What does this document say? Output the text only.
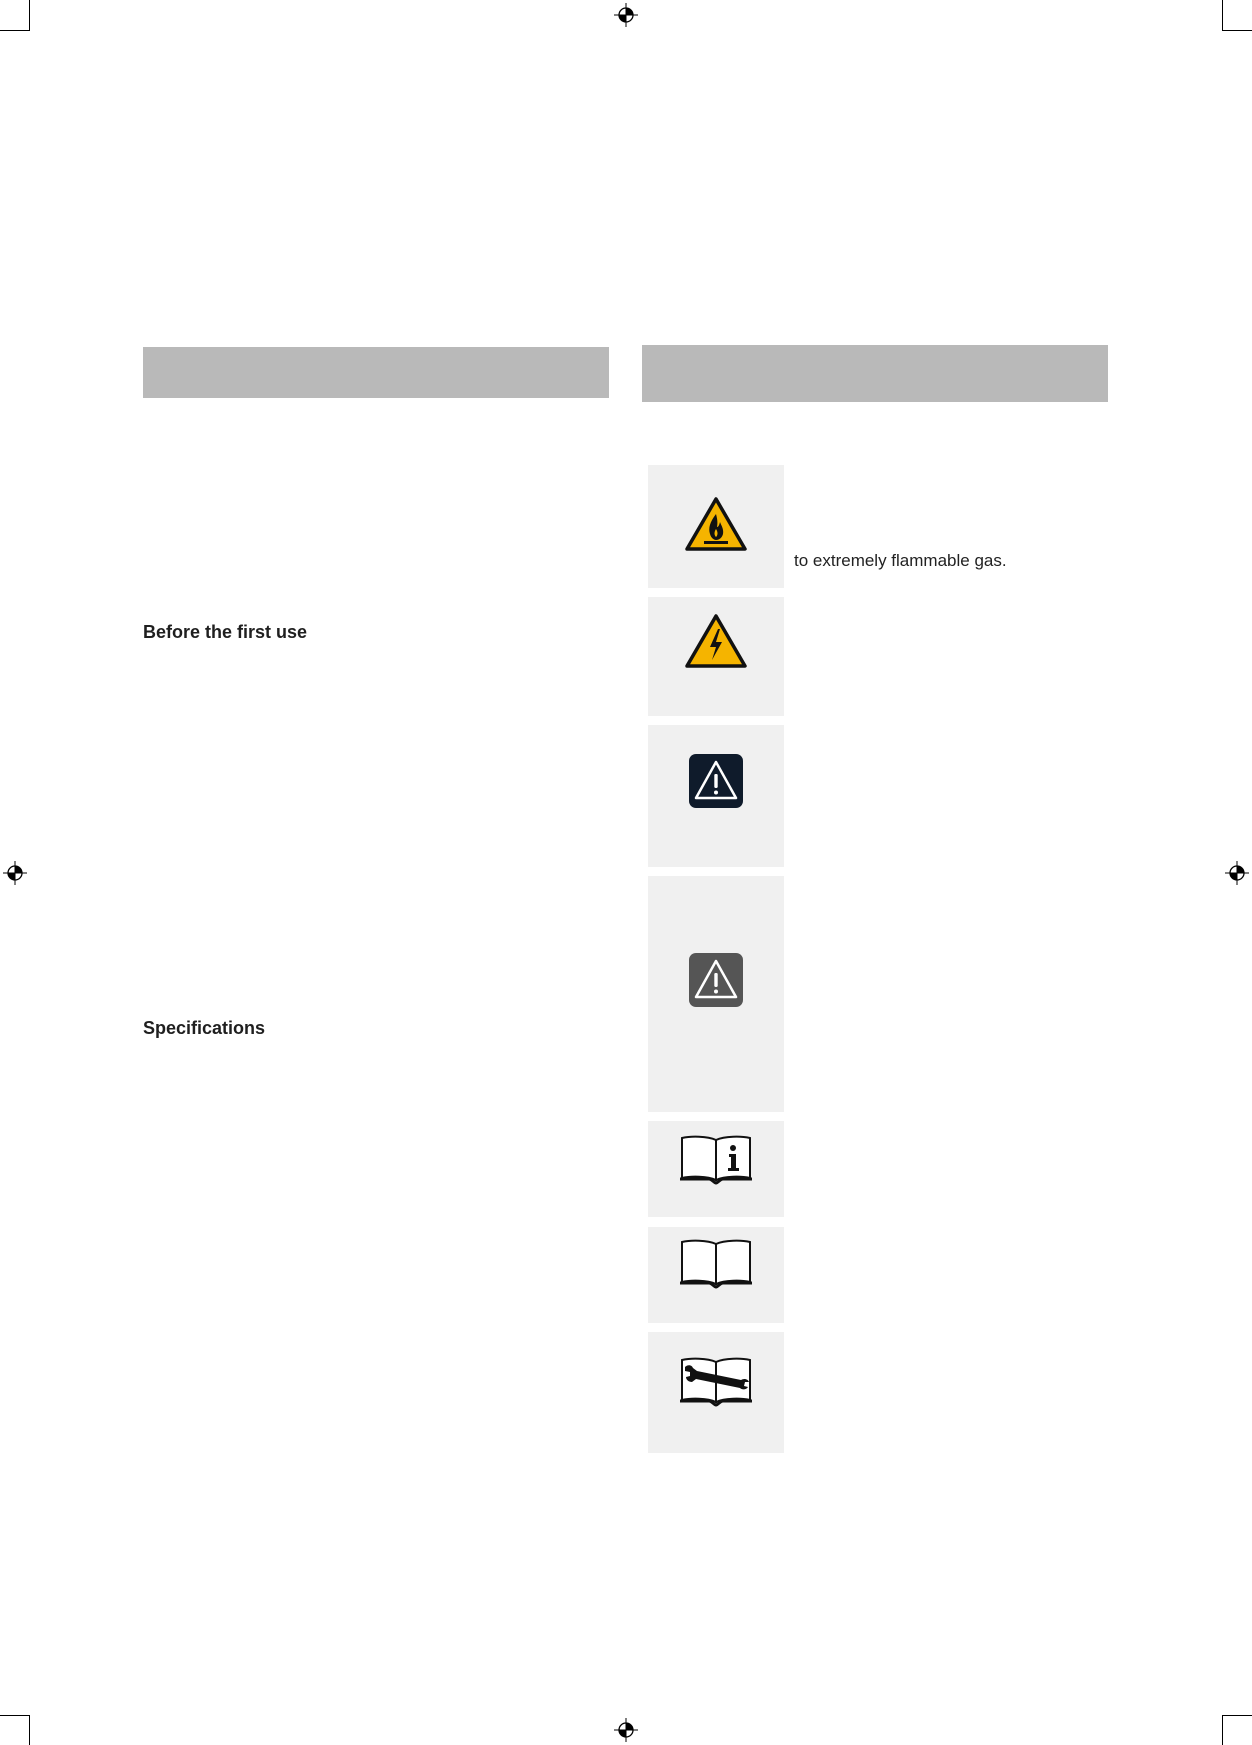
Before the first use
Specifications
to extremely flammable gas.
